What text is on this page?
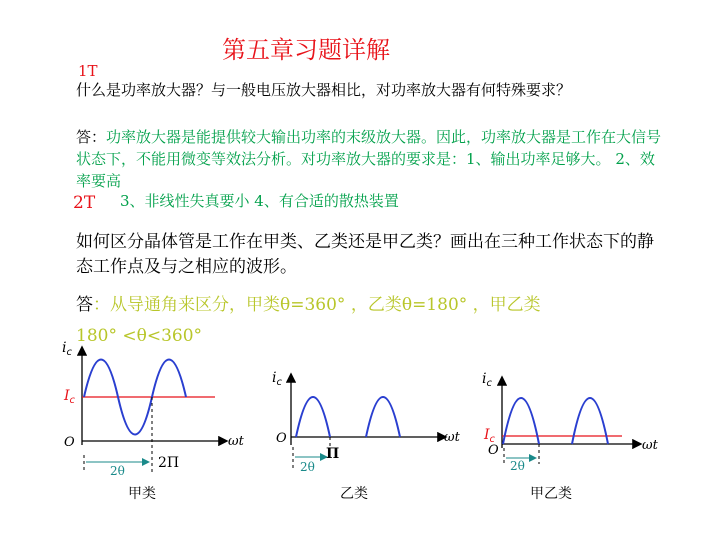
第五章习题详解
1T
什么是功率放大器？与一般电压放大器相比，对功率放大器有何特殊要求？
答：功率放大器是能提供较大输出功率的末级放大器。因此，功率放大器是工作在大信号状态下，不能用微变等效法分析。对功率放大器的要求是：1、输出功率足够大。 2、效率要高
2T 3、非线性失真要小 4、有合适的散热装置
如何区分晶体管是工作在甲类、乙类还是甲乙类？画出在三种工作状态下的静态工作点及与之相应的波形。
答：从导通角来区分，甲类θ=360° ，乙类θ=180° ，甲乙类
180° <θ<360°
$i_c$
$I_c$
O	ωt
2θ 2Π
甲类
$i_c$
O	ωt
2θ
Π
乙类
$i_c$
$I_c$
O	ωt
2θ
甲乙类
